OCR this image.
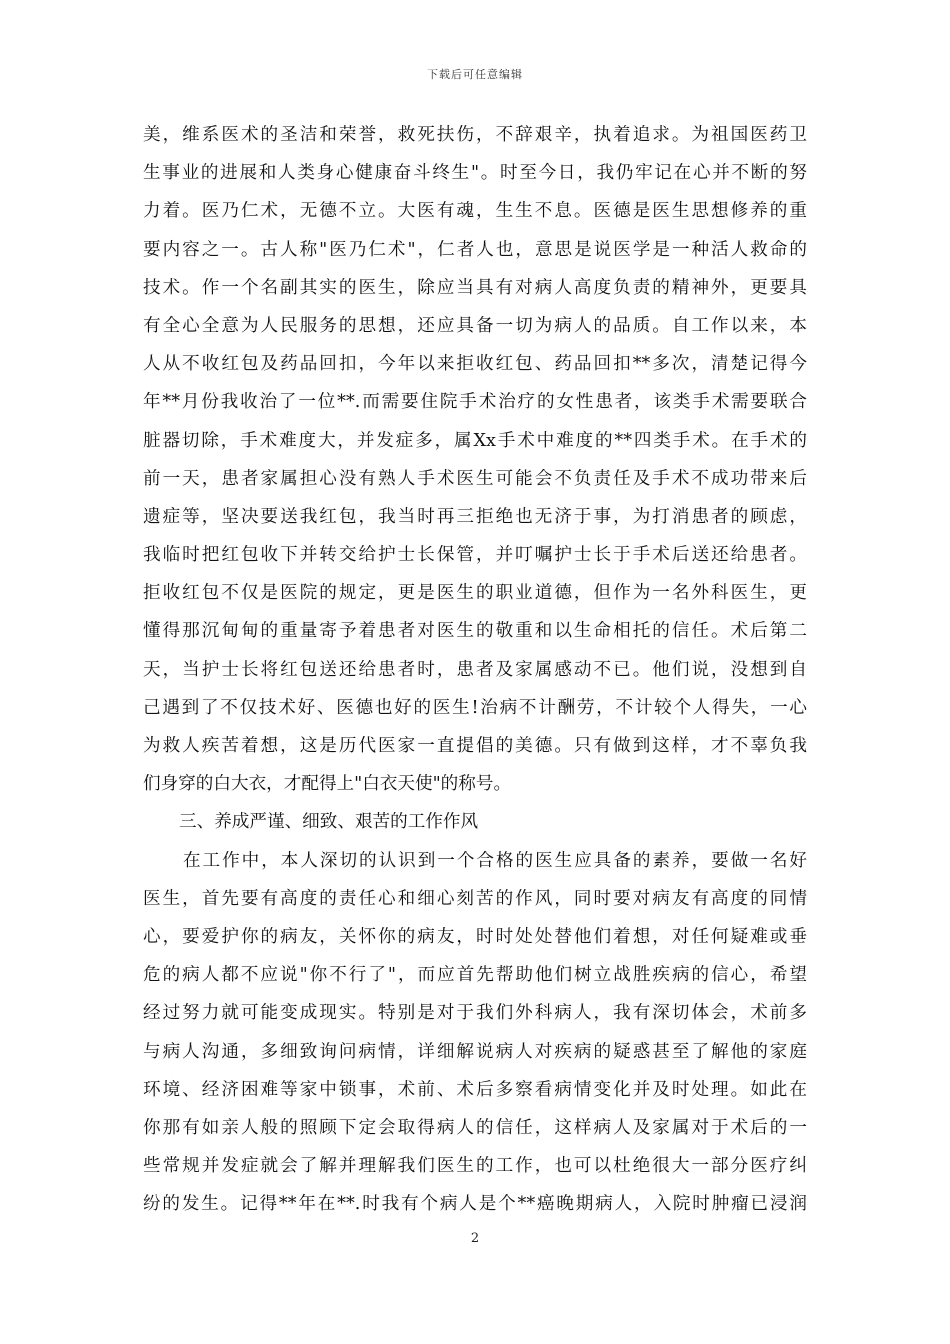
下载后可任意编辑
美，维系医术的圣洁和荣誉，救死扶伤，不辞艰辛，执着追求。为祖国医药卫
生事业的进展和人类身心健康奋斗终生"。时至今日，我仍牢记在心并不断的努
力着。医乃仁术，无德不立。大医有魂，生生不息。医德是医生思想修养的重
要内容之一。古人称"医乃仁术"，仁者人也，意思是说医学是一种活人救命的
技术。作一个名副其实的医生，除应当具有对病人高度负责的精神外，更要具
有全心全意为人民服务的思想，还应具备一切为病人的品质。自工作以来，本
人从不收红包及药品回扣，今年以来拒收红包、药品回扣**多次，清楚记得今
年**月份我收治了一位**.而需要住院手术治疗的女性患者，该类手术需要联合
脏器切除，手术难度大，并发症多，属Xx手术中难度的**四类手术。在手术的
前一天，患者家属担心没有熟人手术医生可能会不负责任及手术不成功带来后
遗症等，坚决要送我红包，我当时再三拒绝也无济于事，为打消患者的顾虑，
我临时把红包收下并转交给护士长保管，并叮嘱护士长于手术后送还给患者。
拒收红包不仅是医院的规定，更是医生的职业道德，但作为一名外科医生，更
懂得那沉甸甸的重量寄予着患者对医生的敬重和以生命相托的信任。术后第二
天，当护士长将红包送还给患者时，患者及家属感动不已。他们说，没想到自
己遇到了不仅技术好、医德也好的医生!治病不计酬劳，不计较个人得失，一心
为救人疾苦着想，这是历代医家一直提倡的美德。只有做到这样，才不辜负我
们身穿的白大衣，才配得上"白衣天使"的称号。
三、养成严谨、细致、艰苦的工作作风
在工作中，本人深切的认识到一个合格的医生应具备的素养，要做一名好
医生，首先要有高度的责任心和细心刻苦的作风，同时要对病友有高度的同情
心，要爱护你的病友，关怀你的病友，时时处处替他们着想，对任何疑难或垂
危的病人都不应说"你不行了"，而应首先帮助他们树立战胜疾病的信心，希望
经过努力就可能变成现实。特别是对于我们外科病人，我有深切体会，术前多
与病人沟通，多细致询问病情，详细解说病人对疾病的疑惑甚至了解他的家庭
环境、经济困难等家中锁事，术前、术后多察看病情变化并及时处理。如此在
你那有如亲人般的照顾下定会取得病人的信任，这样病人及家属对于术后的一
些常规并发症就会了解并理解我们医生的工作，也可以杜绝很大一部分医疗纠
纷的发生。记得**年在**.时我有个病人是个**癌晚期病人，入院时肿瘤已浸润
2
